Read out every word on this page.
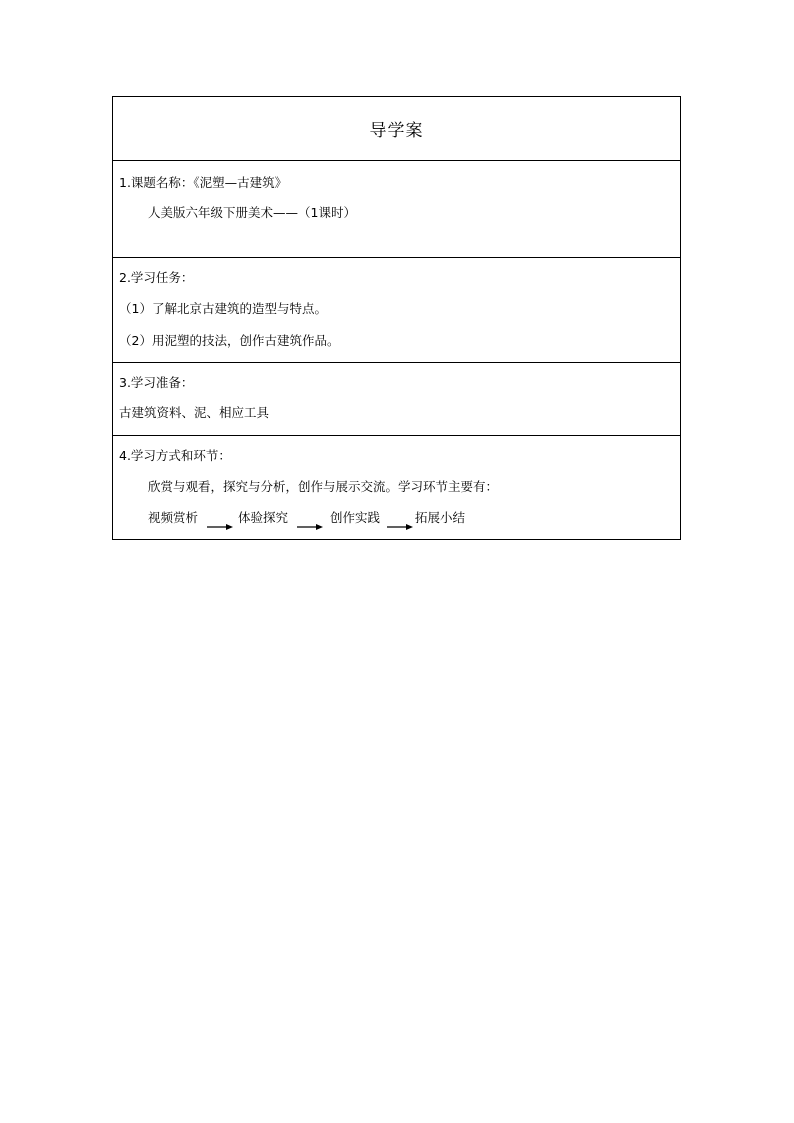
导学案
1.课题名称：《泥塑—古建筑》
人美版六年级下册美术——（1课时）
2.学习任务：
（1）了解北京古建筑的造型与特点。
（2）用泥塑的技法，创作古建筑作品。
3.学习准备：
古建筑资料、泥、相应工具
4.学习方式和环节：
欣赏与观看，探究与分析，创作与展示交流。学习环节主要有：
视频赏析	体验探究	创作实践	拓展小结
